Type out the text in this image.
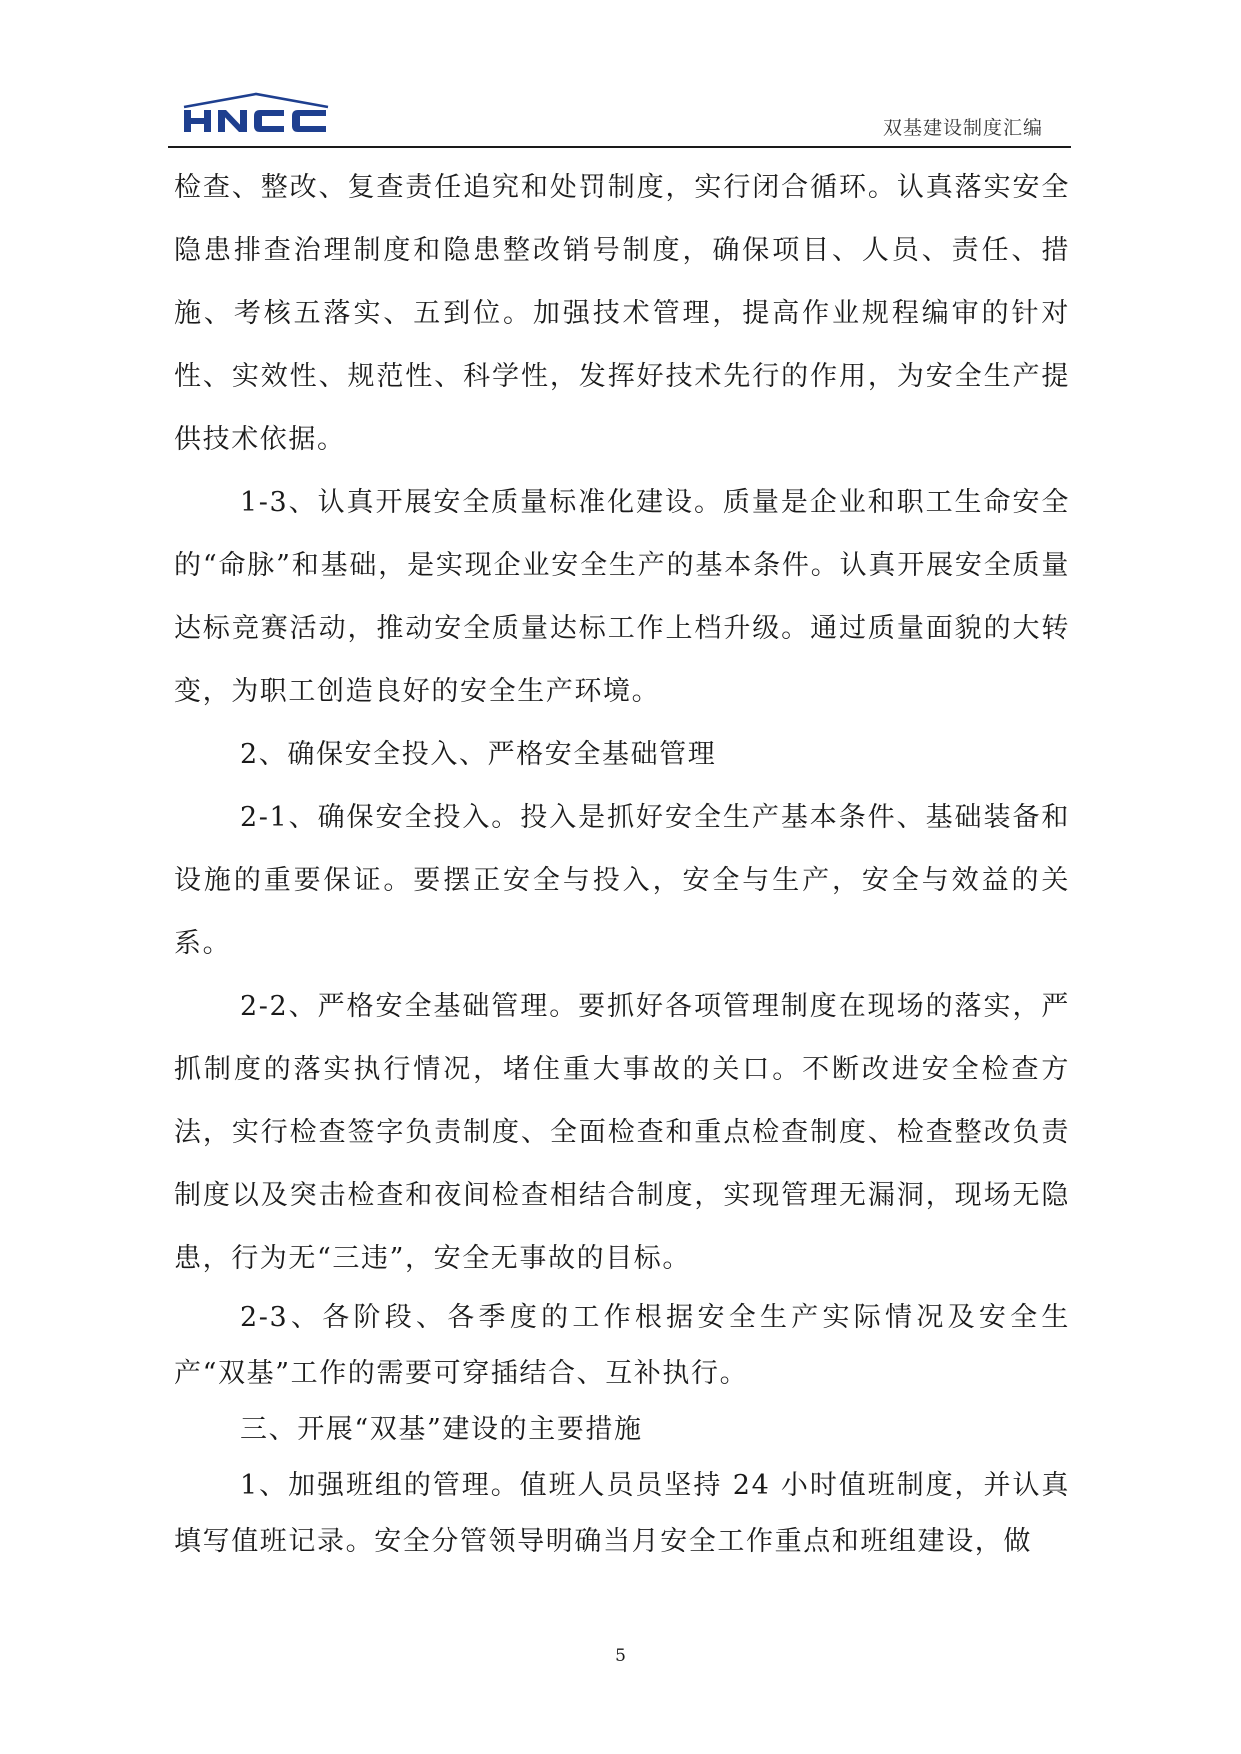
双基建设制度汇编

检查、整改、复查责任追究和处罚制度，实行闭合循环。认真落实安全隐患排查治理制度和隐患整改销号制度，确保项目、人员、责任、措施、考核五落实、五到位。加强技术管理，提高作业规程编审的针对性、实效性、规范性、科学性，发挥好技术先行的作用，为安全生产提供技术依据。

1-3、认真开展安全质量标准化建设。质量是企业和职工生命安全的“命脉”和基础，是实现企业安全生产的基本条件。认真开展安全质量达标竞赛活动，推动安全质量达标工作上档升级。通过质量面貌的大转变，为职工创造良好的安全生产环境。

2、确保安全投入、严格安全基础管理

2-1、确保安全投入。投入是抓好安全生产基本条件、基础装备和设施的重要保证。要摆正安全与投入，安全与生产，安全与效益的关系。

2-2、严格安全基础管理。要抓好各项管理制度在现场的落实，严抓制度的落实执行情况，堵住重大事故的关口。不断改进安全检查方法，实行检查签字负责制度、全面检查和重点检查制度、检查整改负责制度以及突击检查和夜间检查相结合制度，实现管理无漏洞，现场无隐患，行为无“三违”，安全无事故的目标。

2-3、各阶段、各季度的工作根据安全生产实际情况及安全生产“双基”工作的需要可穿插结合、互补执行。

三、开展“双基”建设的主要措施

1、加强班组的管理。值班人员员坚持 24 小时值班制度，并认真填写值班记录。安全分管领导明确当月安全工作重点和班组建设，做

5
